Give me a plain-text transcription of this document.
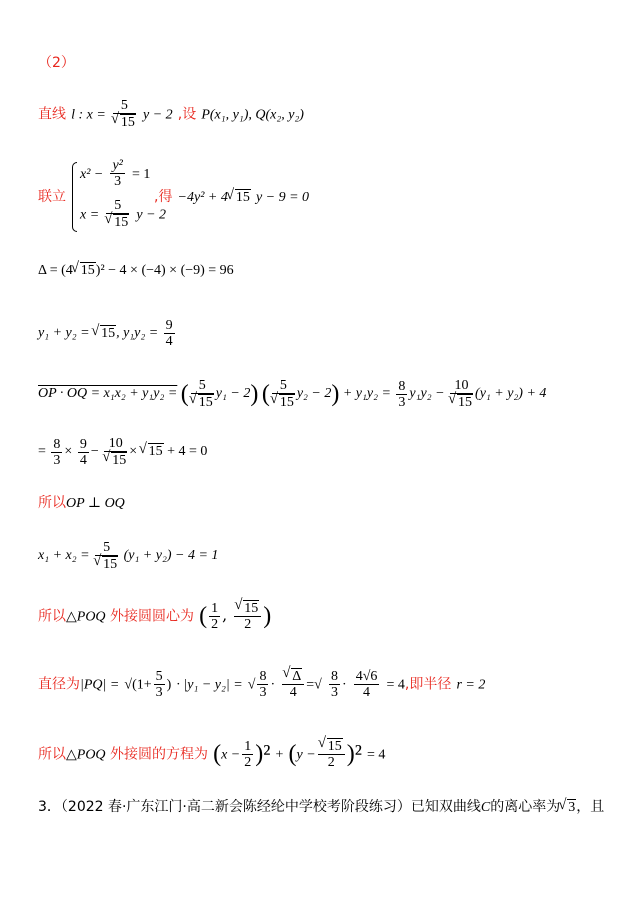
（2）
直线 l : x = 5
√ 15 y − 2 ,设 P(x₁, y₁), Q(x₂, y₂)
联立
$x^2 - \frac{\text{y²}}{3} = 1$
x = 5
√ 15 y − 2
,得 −4y² + 4 √ 15 y − 9 = 0
Δ = (4 √ 15)² − 4 × (−4) × (−9) = 96
y₁ + y₂ = √ 15, $y_1y_2 = \frac{9}{4}$
OP · OQ = x₁x₂ + y₁y₂ = ( 5
√ 15 y₁ − 2) ( 5
√ 15 $y_2 - 2) + y_1y_2 = \frac{8}{3} y_1y_2 - 10$
√ 15 (y₁ + y₂) + 4
= $\frac{8}{3} \times \frac{9}{4} - 10$
√ 15 × √ 15 + 4 = 0
所以OP ⊥ OQ
x₁ + x₂ = 5
√ 15 (y₁ + y₂) − 4 = 1
所以△POQ 外接圆圆心为 ( $\frac{1}{2}$ , √ $\frac{15}{2}$ )
直径为$|PQ| = √(1+ \frac{5}{3}$ ) · |y₁ − y₂| = √ $\frac{8}{3}$ · √ $\frac{\Delta}{4}$ =√ $\frac{8}{3} \cdot \frac{4√6}{4} = 4$,即半径 r = 2
所以△POQ 外接圆的方程为 $(x - \frac{1}{2} )^2 + (y$ − √ $\frac{15}{2} )^2 = 4$
3．（2022 春·广东江门·高二新会陈经纶中学校考阶段练习）已知双曲线C的离心率为 √ 3，且
